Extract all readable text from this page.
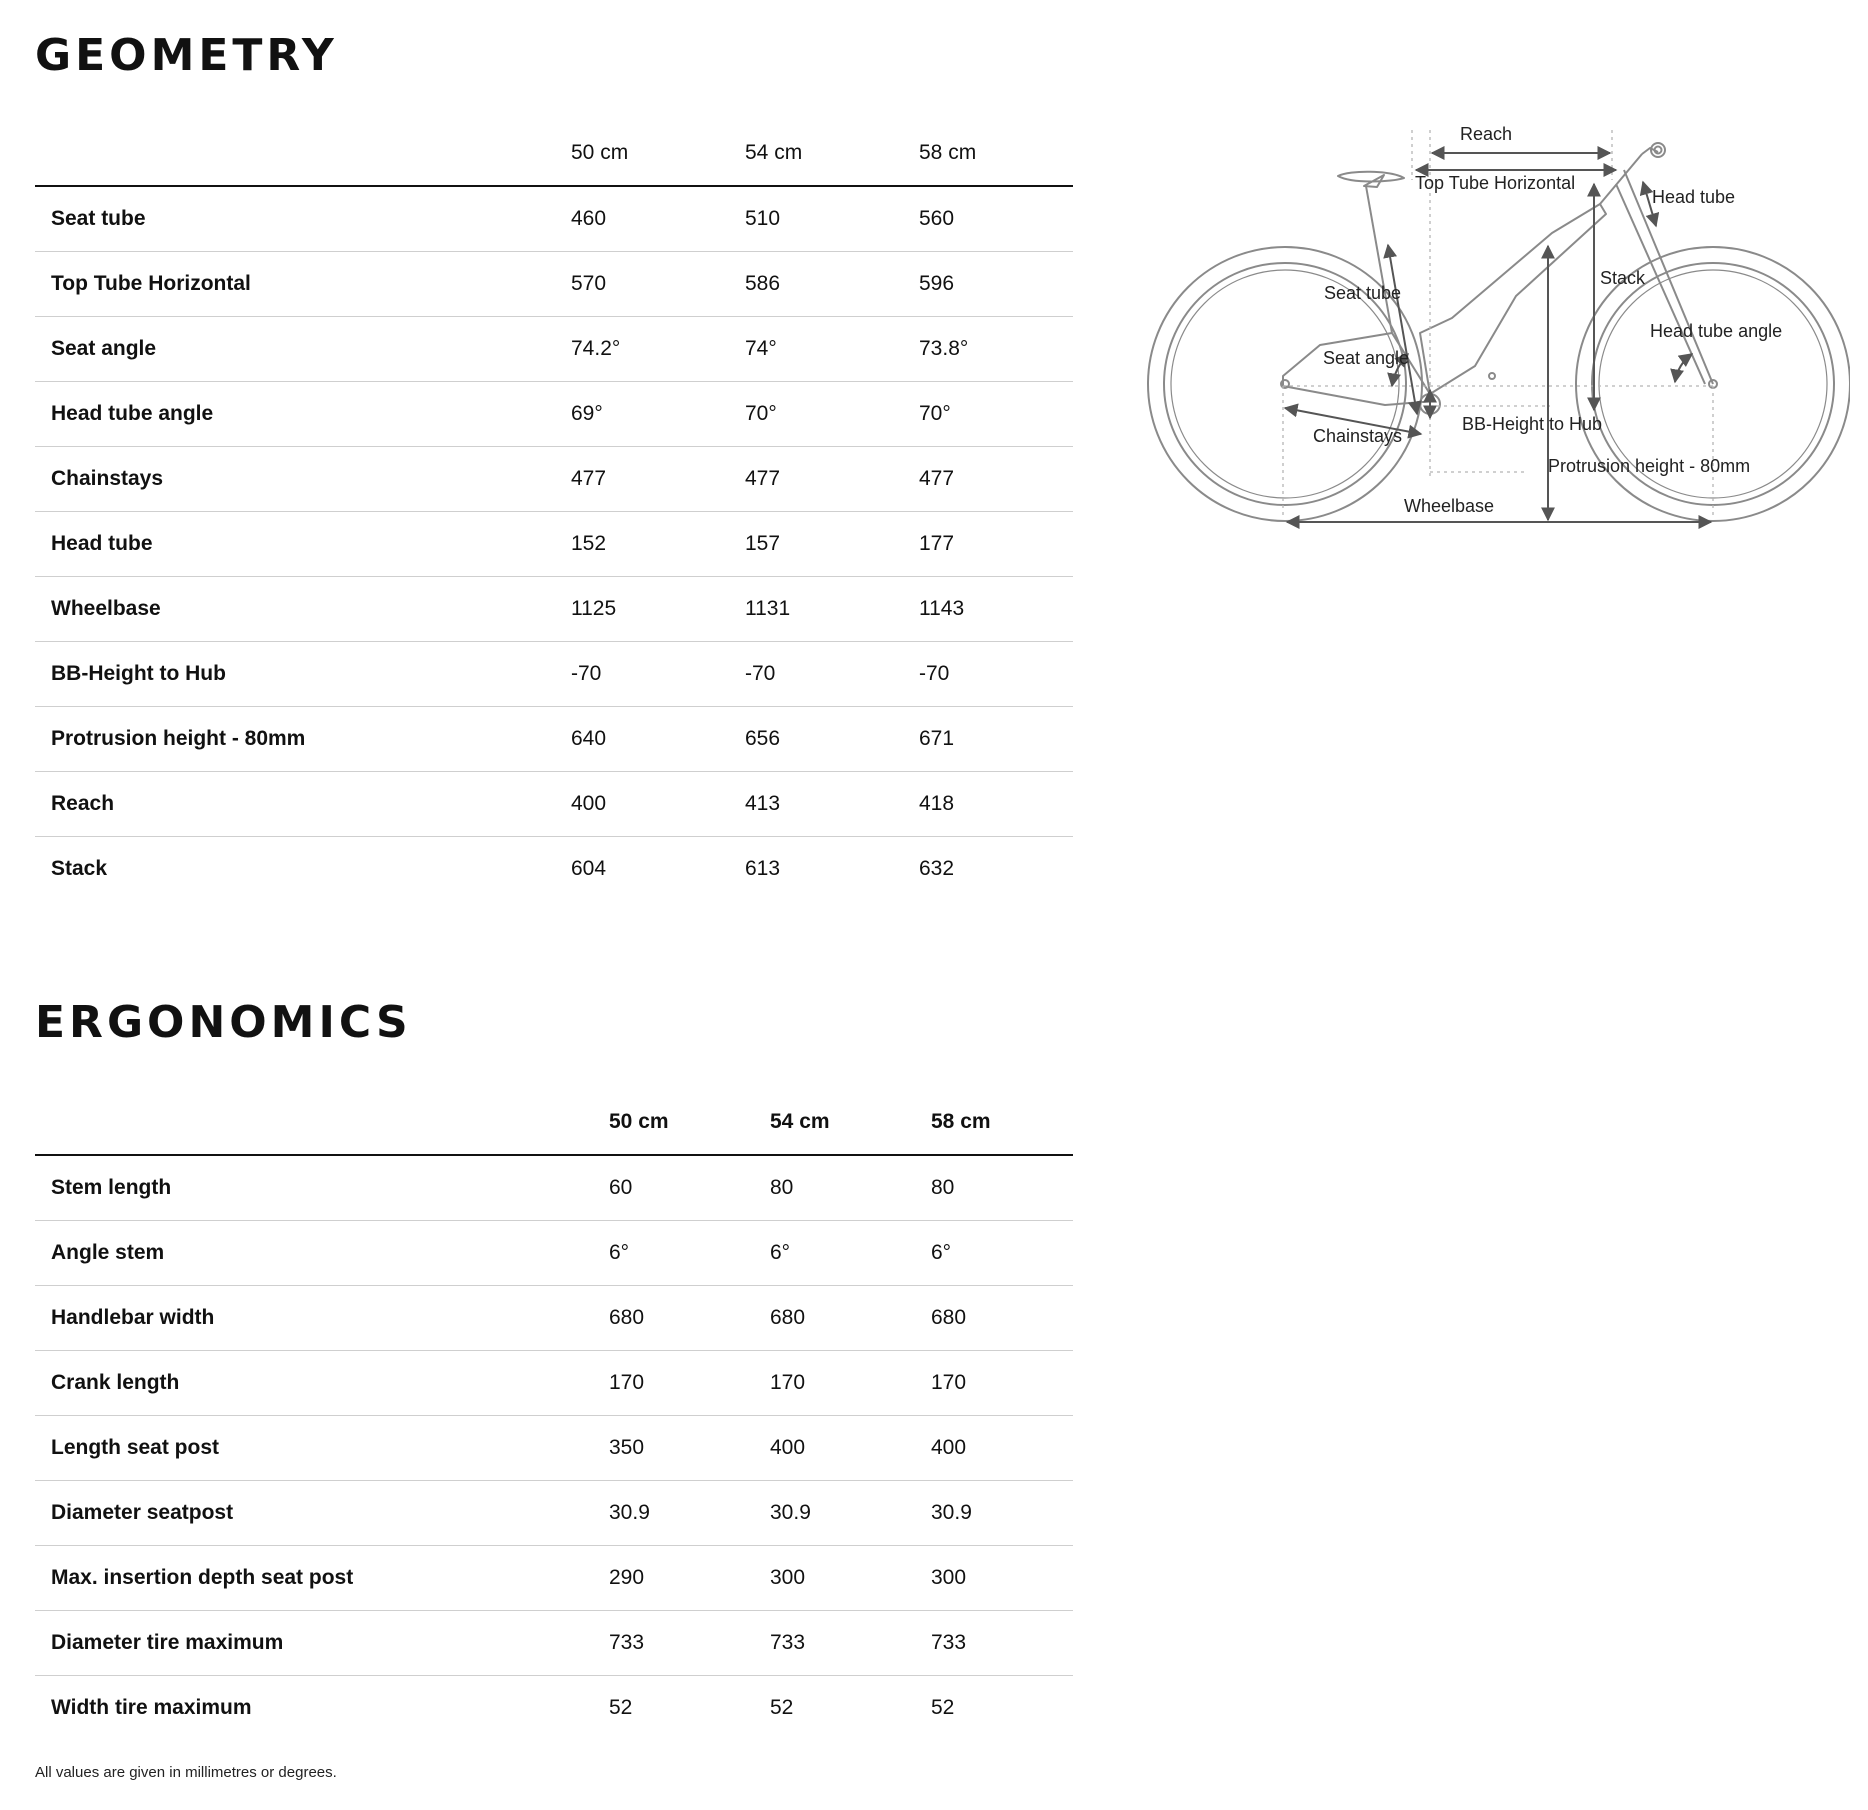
GEOMETRY
	50 cm	54 cm	58 cm
Seat tube	460	510	560
Top Tube Horizontal	570	586	596
Seat angle	74.2°	74°	73.8°
Head tube angle	69°	70°	70°
Chainstays	477	477	477
Head tube	152	157	177
Wheelbase	1125	1131	1143
BB-Height to Hub	-70	-70	-70
Protrusion height - 80mm	640	656	671
Reach	400	413	418
Stack	604	613	632
Reach
Top Tube Horizontal
Head tube
Seat tube
Stack
Head tube angle
Seat angle
BB-Height to Hub
Chainstays
Protrusion height - 80mm
Wheelbase
ERGONOMICS
	50 cm	54 cm	58 cm
Stem length	60	80	80
Angle stem	6°	6°	6°
Handlebar width	680	680	680
Crank length	170	170	170
Length seat post	350	400	400
Diameter seatpost	30.9	30.9	30.9
Max. insertion depth seat post	290	300	300
Diameter tire maximum	733	733	733
Width tire maximum	52	52	52

All values are given in millimetres or degrees.
